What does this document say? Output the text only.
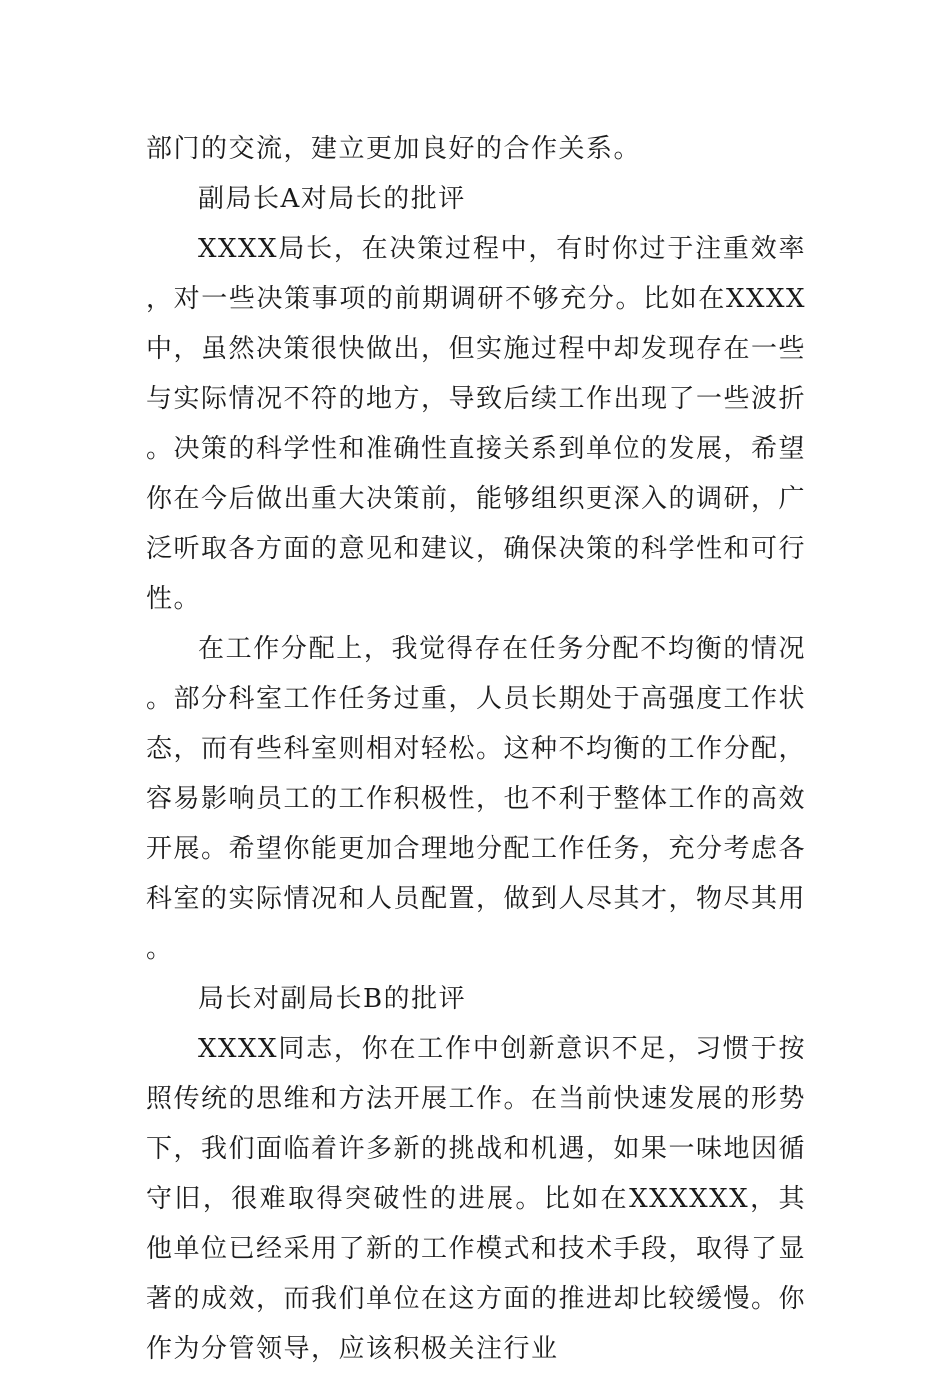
部门的交流，建立更加良好的合作关系。

副局长A对局长的批评

XXXX局长，在决策过程中，有时你过于注重效率，对一些决策事项的前期调研不够充分。比如在XXXX中，虽然决策很快做出，但实施过程中却发现存在一些与实际情况不符的地方，导致后续工作出现了一些波折。决策的科学性和准确性直接关系到单位的发展，希望你在今后做出重大决策前，能够组织更深入的调研，广泛听取各方面的意见和建议，确保决策的科学性和可行性。

在工作分配上，我觉得存在任务分配不均衡的情况。部分科室工作任务过重，人员长期处于高强度工作状态，而有些科室则相对轻松。这种不均衡的工作分配，容易影响员工的工作积极性，也不利于整体工作的高效开展。希望你能更加合理地分配工作任务，充分考虑各科室的实际情况和人员配置，做到人尽其才，物尽其用。

局长对副局长B的批评

XXXX同志，你在工作中创新意识不足，习惯于按照传统的思维和方法开展工作。在当前快速发展的形势下，我们面临着许多新的挑战和机遇，如果一味地因循守旧，很难取得突破性的进展。比如在XXXXXX，其他单位已经采用了新的工作模式和技术手段，取得了显著的成效，而我们单位在这方面的推进却比较缓慢。你作为分管领导，应该积极关注行业
